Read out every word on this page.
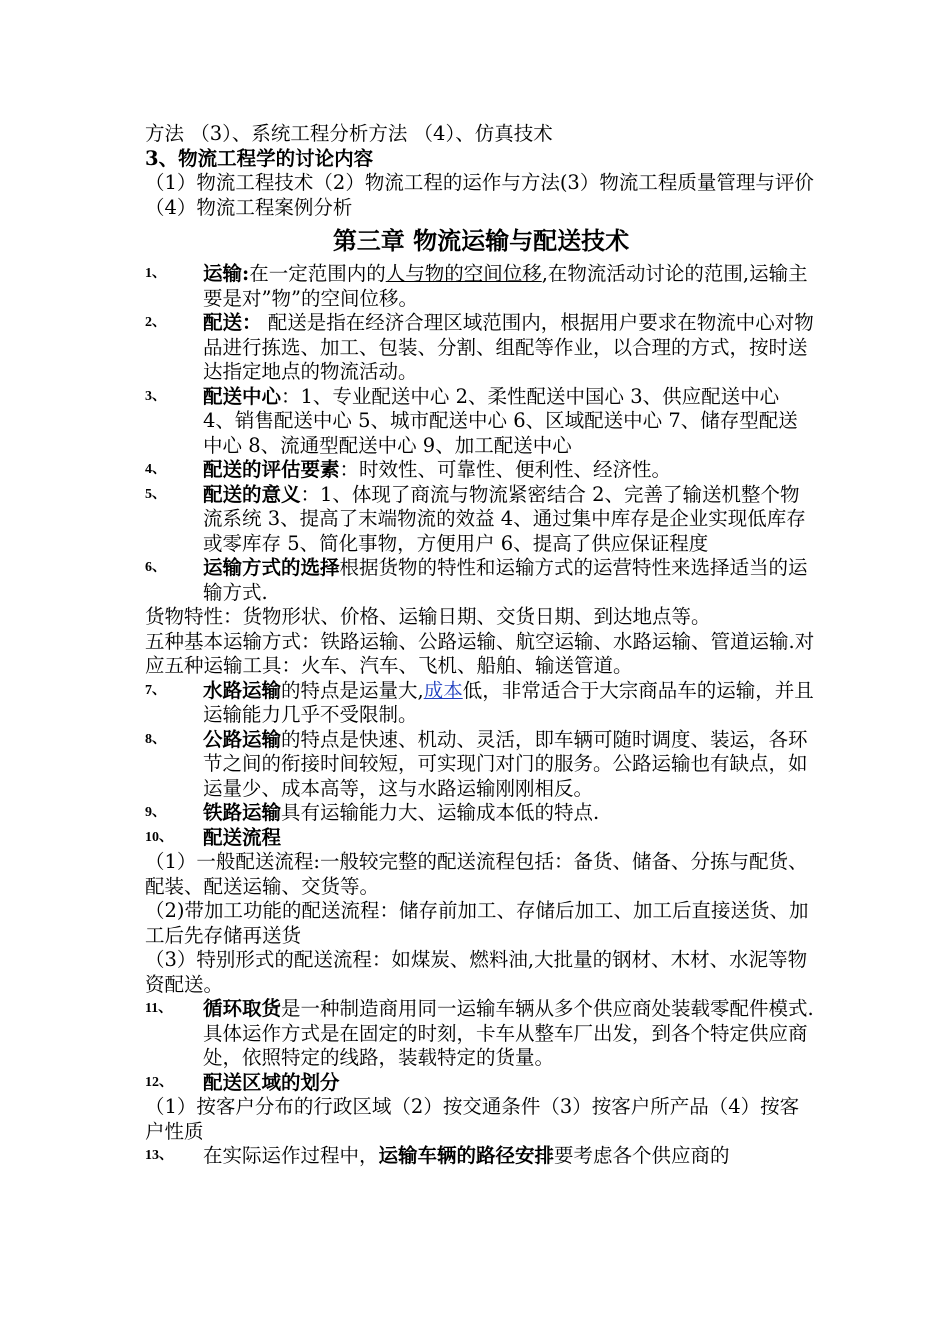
方法 （3）、系统工程分析方法 （4）、仿真技术

3、物流工程学的讨论内容

（1）物流工程技术（2）物流工程的运作与方法(3）物流工程质量管理与评价（4）物流工程案例分析

第三章 物流运输与配送技术
1、 运输:在一定范围内的人与物的空间位移,在物流活动讨论的范围,运输主要是对”物”的空间位移。
2、 配送： 配送是指在经济合理区域范围内，根据用户要求在物流中心对物品进行拣选、加工、包装、分割、组配等作业，以合理的方式，按时送达指定地点的物流活动。
3、 配送中心：1、专业配送中心 2、柔性配送中国心 3、供应配送中心 4、销售配送中心 5、城市配送中心 6、区域配送中心 7、储存型配送中心 8、流通型配送中心 9、加工配送中心
4、 配送的评估要素：时效性、可靠性、便利性、经济性。
5、 配送的意义：1、体现了商流与物流紧密结合 2、完善了输送机整个物流系统 3、提高了末端物流的效益 4、通过集中库存是企业实现低库存或零库存 5、简化事物，方便用户 6、提高了供应保证程度
6、 运输方式的选择根据货物的特性和运输方式的运营特性来选择适当的运输方式.

货物特性：货物形状、价格、运输日期、交货日期、到达地点等。

五种基本运输方式：铁路运输、公路运输、航空运输、水路运输、管道运输.对应五种运输工具：火车、汽车、飞机、船舶、输送管道。

7、 水路运输的特点是运量大,成本低，非常适合于大宗商品车的运输，并且运输能力几乎不受限制。
8、 公路运输的特点是快速、机动、灵活，即车辆可随时调度、装运，各环节之间的衔接时间较短，可实现门对门的服务。公路运输也有缺点，如运量少、成本高等，这与水路运输刚刚相反。
9、 铁路运输具有运输能力大、运输成本低的特点.
10、 配送流程

（1）一般配送流程:一般较完整的配送流程包括：备货、储备、分拣与配货、配装、配送运输、交货等。

（2)带加工功能的配送流程：储存前加工、存储后加工、加工后直接送货、加工后先存储再送货

（3）特别形式的配送流程：如煤炭、燃料油,大批量的钢材、木材、水泥等物资配送。

11、 循环取货是一种制造商用同一运输车辆从多个供应商处装载零配件模式.具体运作方式是在固定的时刻，卡车从整车厂出发，到各个特定供应商处，依照特定的线路，装载特定的货量。
12、 配送区域的划分

（1）按客户分布的行政区域（2）按交通条件（3）按客户所产品（4）按客户性质

13、 在实际运作过程中，运输车辆的路径安排要考虑各个供应商的
